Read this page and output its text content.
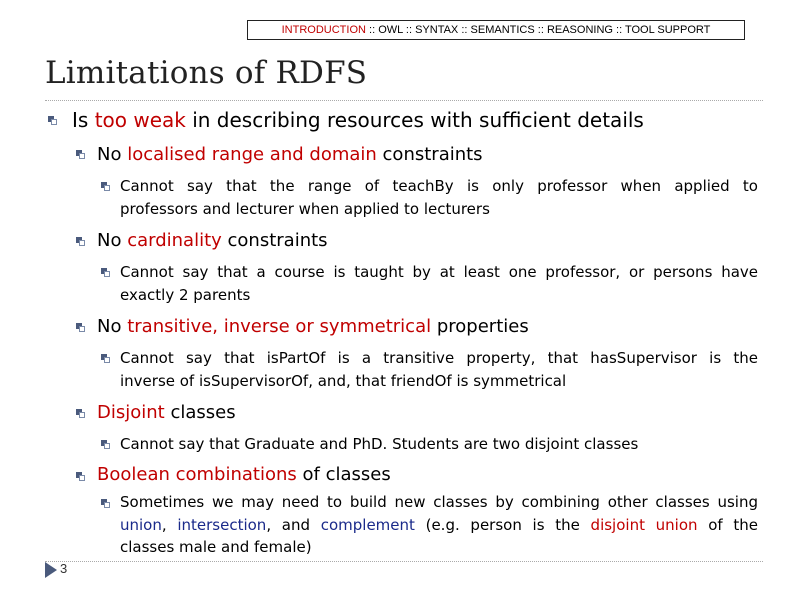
INTRODUCTION :: OWL :: SYNTAX :: SEMANTICS :: REASONING :: TOOL SUPPORT
Limitations of RDFS
Is too weak in describing resources with sufficient details
No localised range and domain constraints
Cannot say that the range of teachBy is only professor when applied to
professors and lecturer when applied to lecturers
No cardinality constraints
Cannot say that a course is taught by at least one professor, or persons have
exactly 2 parents
No transitive, inverse or symmetrical properties
Cannot say that isPartOf is a transitive property, that hasSupervisor is the
inverse of isSupervisorOf, and, that friendOf is symmetrical
Disjoint classes
Cannot say that Graduate and PhD. Students are two disjoint classes
Boolean combinations of classes
Sometimes we may need to build new classes by combining other classes using
union, intersection, and complement (e.g. person is the disjoint union of the
classes male and female)
3
